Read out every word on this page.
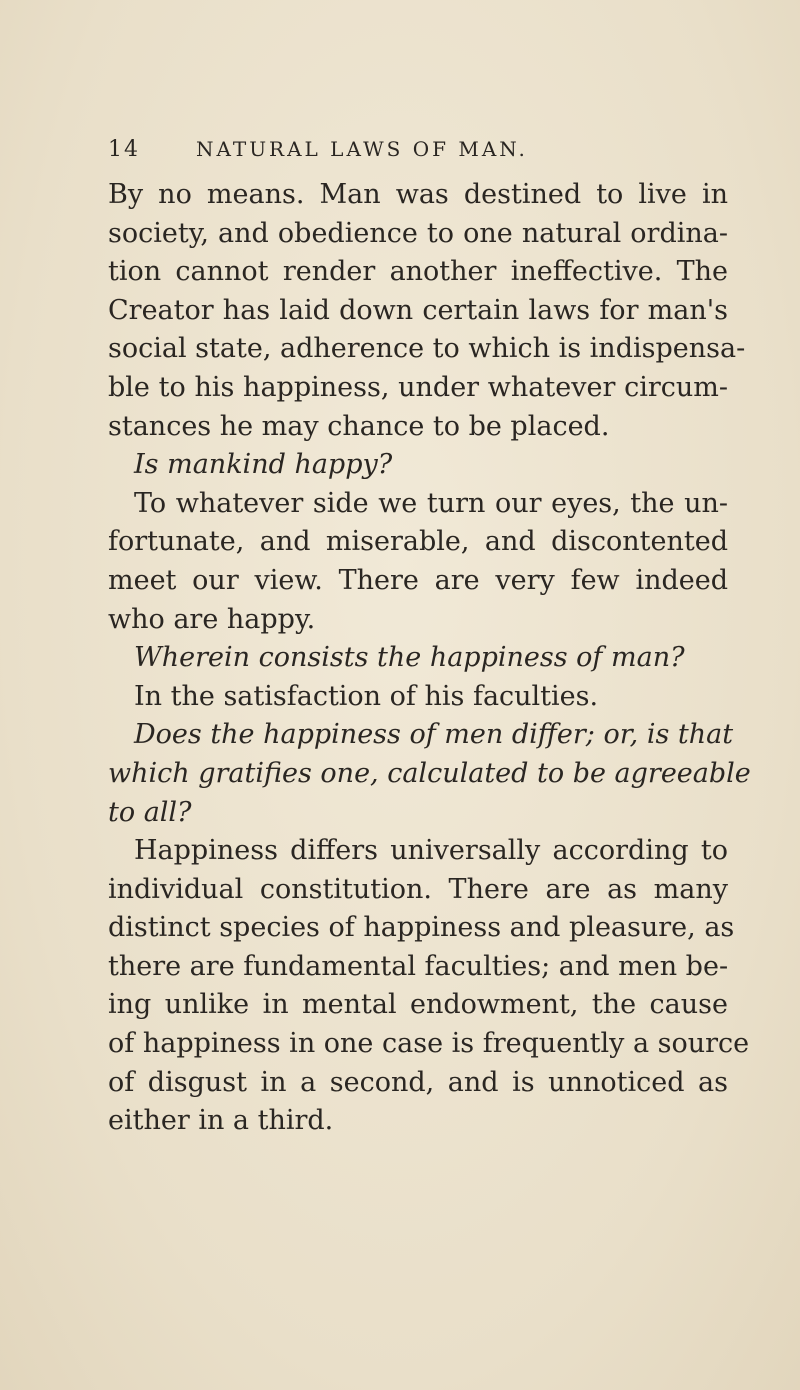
14	NATURAL LAWS OF MAN.
By no means. Man was destined to live in
society, and obedience to one natural ordina-
tion cannot render another ineffective. The
Creator has laid down certain laws for man's
social state, adherence to which is indispensa-
ble to his happiness, under whatever circum-
stances he may chance to be placed.
Is mankind happy?
To whatever side we turn our eyes, the un-
fortunate, and miserable, and discontented
meet our view. There are very few indeed
who are happy.
Wherein consists the happiness of man?
In the satisfaction of his faculties.
Does the happiness of men differ; or, is that
which gratifies one, calculated to be agreeable
to all?
Happiness differs universally according to
individual constitution. There are as many
distinct species of happiness and pleasure, as
there are fundamental faculties; and men be-
ing unlike in mental endowment, the cause
of happiness in one case is frequently a source
of disgust in a second, and is unnoticed as
either in a third.
